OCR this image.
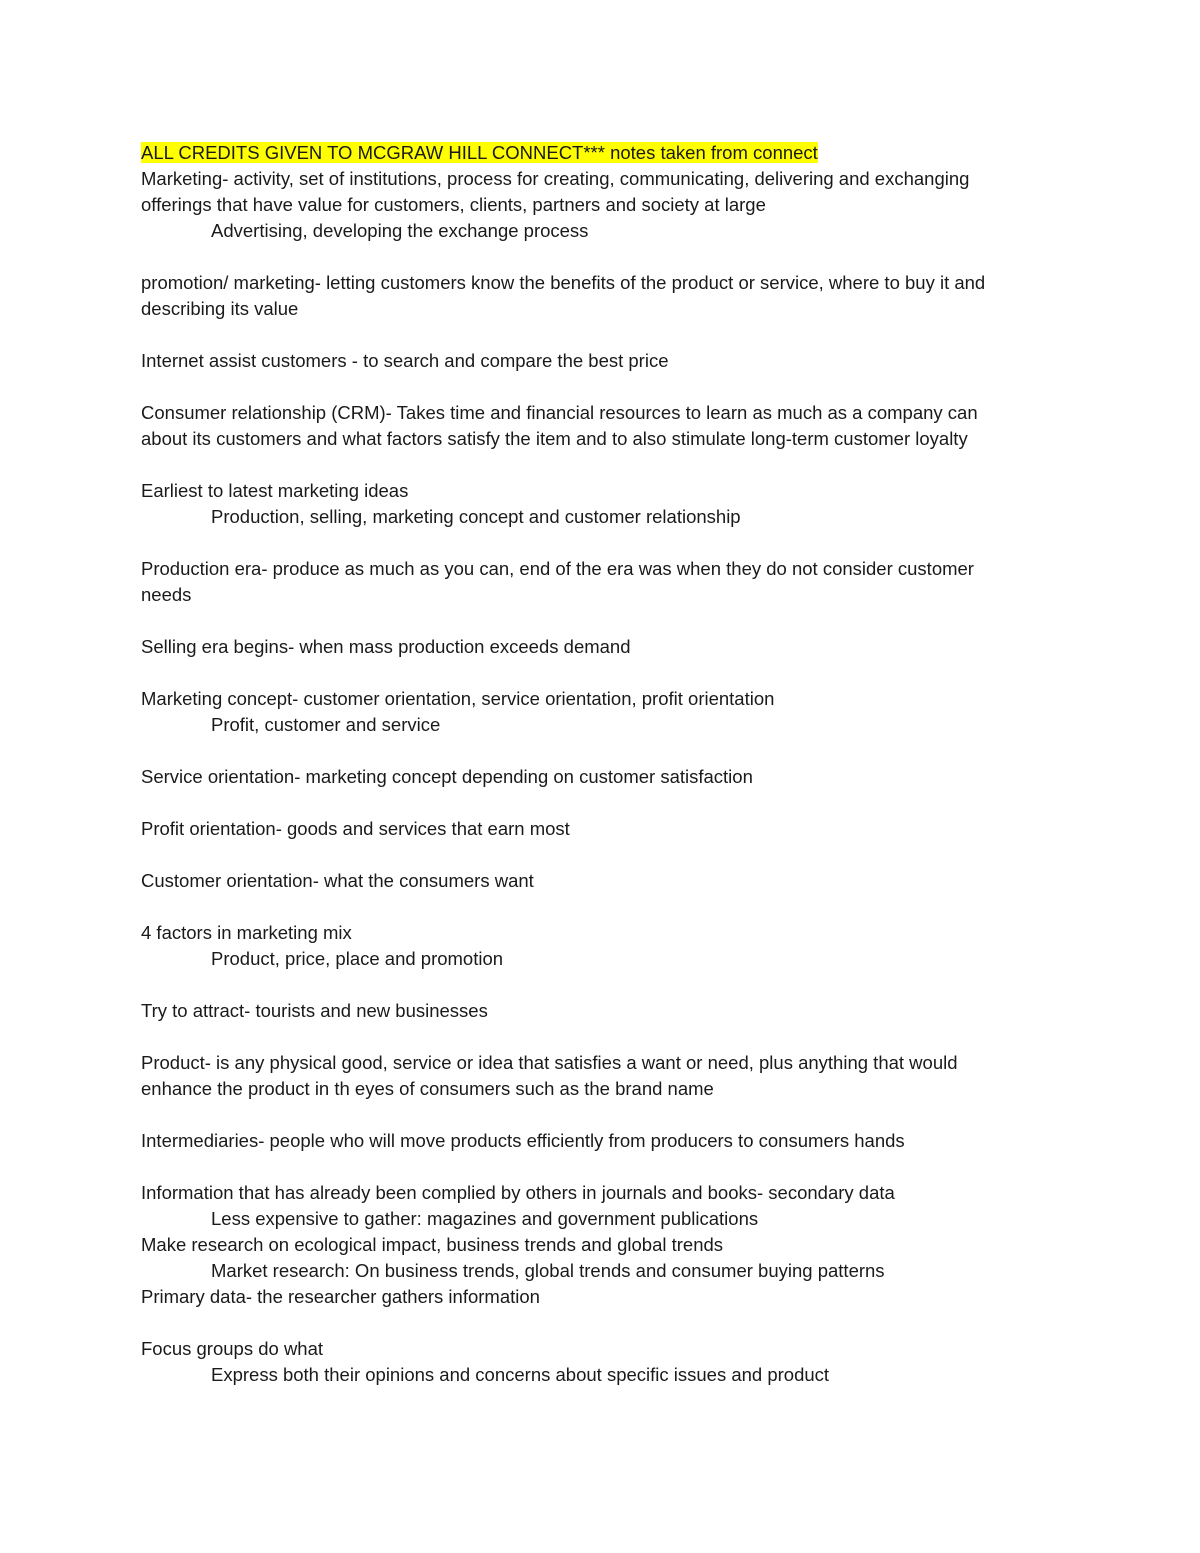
ALL CREDITS GIVEN TO MCGRAW HILL CONNECT*** notes taken from connect
Marketing- activity, set of institutions, process for creating, communicating, delivering and exchanging
offerings that have value for customers, clients, partners and society at large
Advertising, developing the exchange process
promotion/ marketing- letting customers know the benefits of the product or service, where to buy it and
describing its value
Internet assist customers - to search and compare the best price
Consumer relationship (CRM)- Takes time and financial resources to learn as much as a company can
about its customers and what factors satisfy the item and to also stimulate long-term customer loyalty
Earliest to latest marketing ideas
Production, selling, marketing concept and customer relationship
Production era- produce as much as you can, end of the era was when they do not consider customer
needs
Selling era begins- when mass production exceeds demand
Marketing concept- customer orientation, service orientation, profit orientation
Profit, customer and service
Service orientation- marketing concept depending on customer satisfaction
Profit orientation- goods and services that earn most
Customer orientation- what the consumers want
4 factors in marketing mix
Product, price, place and promotion
Try to attract- tourists and new businesses
Product- is any physical good, service or idea that satisfies a want or need, plus anything that would
enhance the product in th eyes of consumers such as the brand name
Intermediaries- people who will move products efficiently from producers to consumers hands
Information that has already been complied by others in journals and books- secondary data
Less expensive to gather: magazines and government publications
Make research on ecological impact, business trends and global trends
Market research: On business trends, global trends and consumer buying patterns
Primary data- the researcher gathers information
Focus groups do what
Express both their opinions and concerns about specific issues and product
